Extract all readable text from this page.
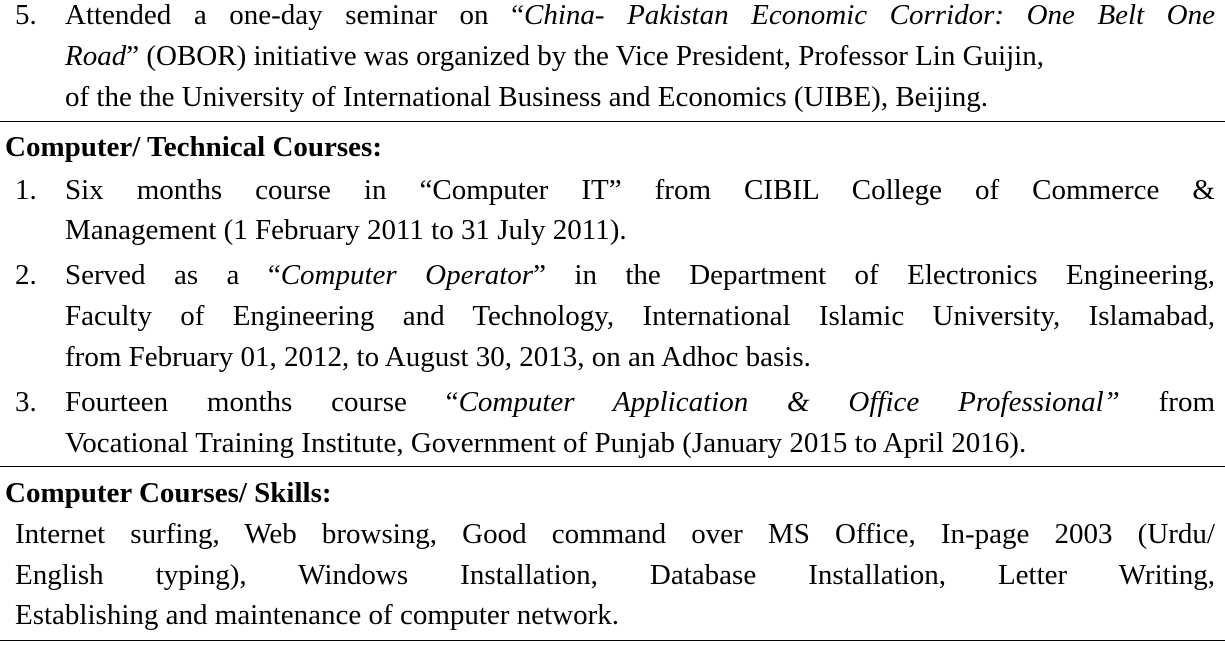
5. Attended a one-day seminar on “China- Pakistan Economic Corridor: One Belt One
Road” (OBOR) initiative was organized by the Vice President, Professor Lin Guijin,
of the the University of International Business and Economics (UIBE), Beijing.
Computer/ Technical Courses:
1. Six months course in “Computer IT” from CIBIL College of Commerce &
Management (1 February 2011 to 31 July 2011).
2. Served as a “Computer Operator” in the Department of Electronics Engineering,
Faculty of Engineering and Technology, International Islamic University, Islamabad,
from February 01, 2012, to August 30, 2013, on an Adhoc basis.
3. Fourteen months course “Computer Application & Office Professional” from
Vocational Training Institute, Government of Punjab (January 2015 to April 2016).
Computer Courses/ Skills:
Internet surfing, Web browsing, Good command over MS Office, In-page 2003 (Urdu/
English typing), Windows Installation, Database Installation, Letter Writing,
Establishing and maintenance of computer network.
